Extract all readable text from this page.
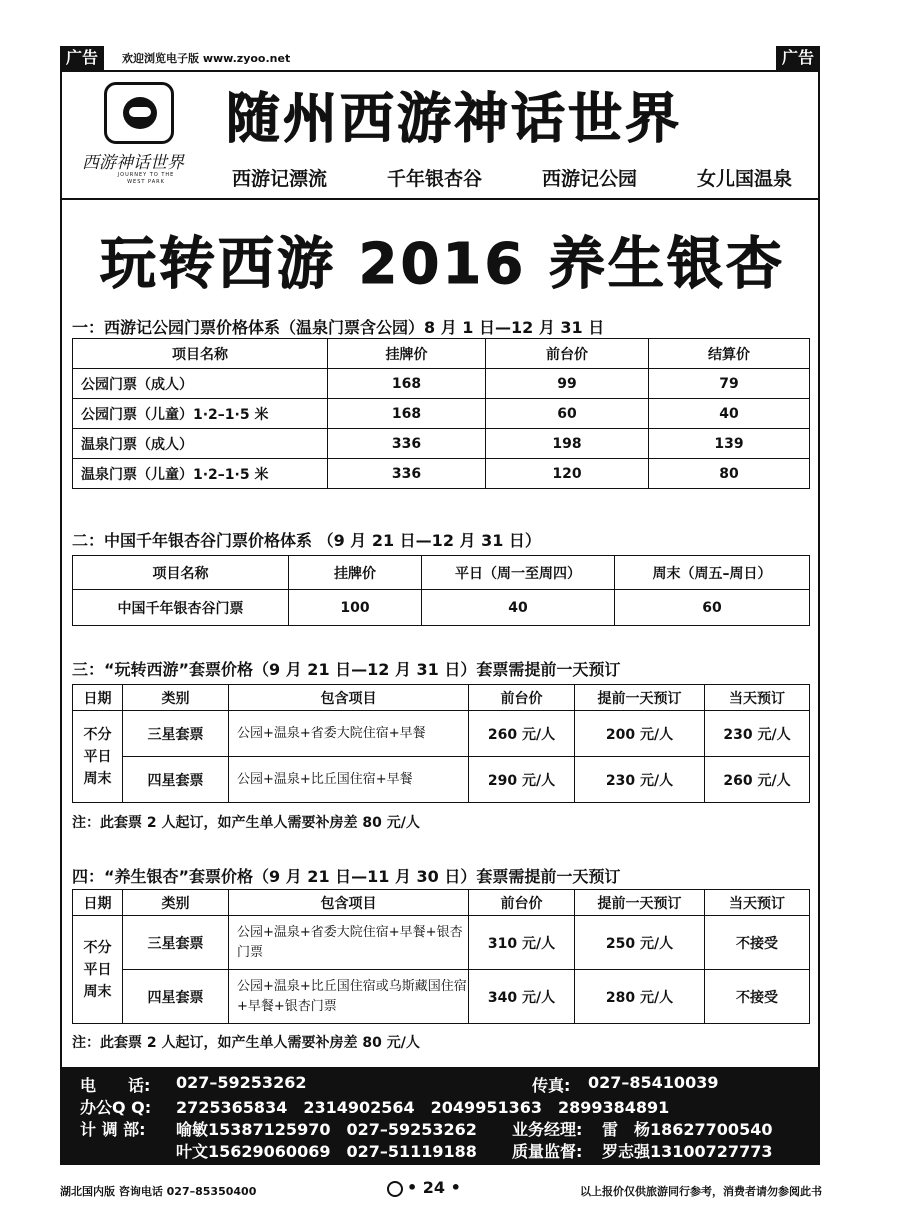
广告	欢迎浏览电子版 www.zyoo.net	广告
西游神话世界
JOURNEY TO THE WEST PARK
随州西游神话世界
西游记漂流	千年银杏谷	西游记公园	女儿国温泉
玩转西游 2016 养生银杏
一：西游记公园门票价格体系（温泉门票含公园）8 月 1 日—12 月 31 日
项目名称	挂牌价	前台价	结算价
公园门票（成人）	168	99	79
公园门票（儿童）1·2–1·5 米	168	60	40
温泉门票（成人）	336	198	139
温泉门票（儿童）1·2–1·5 米	336	120	80
二：中国千年银杏谷门票价格体系 （9 月 21 日—12 月 31 日）
项目名称	挂牌价	平日（周一至周四）	周末（周五–周日）
中国千年银杏谷门票	100	40	60
三：“玩转西游”套票价格（9 月 21 日—12 月 31 日）套票需提前一天预订
日期	类别	包含项目	前台价	提前一天预订	当天预订
不分平日周末	三星套票	公园+温泉+省委大院住宿+早餐	260 元/人	200 元/人	230 元/人
	四星套票	公园+温泉+比丘国住宿+早餐	290 元/人	230 元/人	260 元/人
注：此套票 2 人起订，如产生单人需要补房差 80 元/人
四：“养生银杏”套票价格（9 月 21 日—11 月 30 日）套票需提前一天预订
日期	类别	包含项目	前台价	提前一天预订	当天预订
不分平日周末	三星套票	公园+温泉+省委大院住宿+早餐+银杏门票	310 元/人	250 元/人	不接受
	四星套票	公园+温泉+比丘国住宿或乌斯藏国住宿+早餐+银杏门票	340 元/人	280 元/人	不接受
注：此套票 2 人起订，如产生单人需要补房差 80 元/人
电　　话: 027–59253262	传真: 027–85410039
办公Q Q: 2725365834　2314902564　2049951363　2899384891
计 调 部: 喻敏15387125970　027–59253262
叶文15629060069　027–51119188
业务经理: 雷　杨18627700540
质量监督: 罗志强13100727773
湖北国内版 咨询电话 027–85350400	• 24 •	以上报价仅供旅游同行参考，消费者请勿参阅此书
